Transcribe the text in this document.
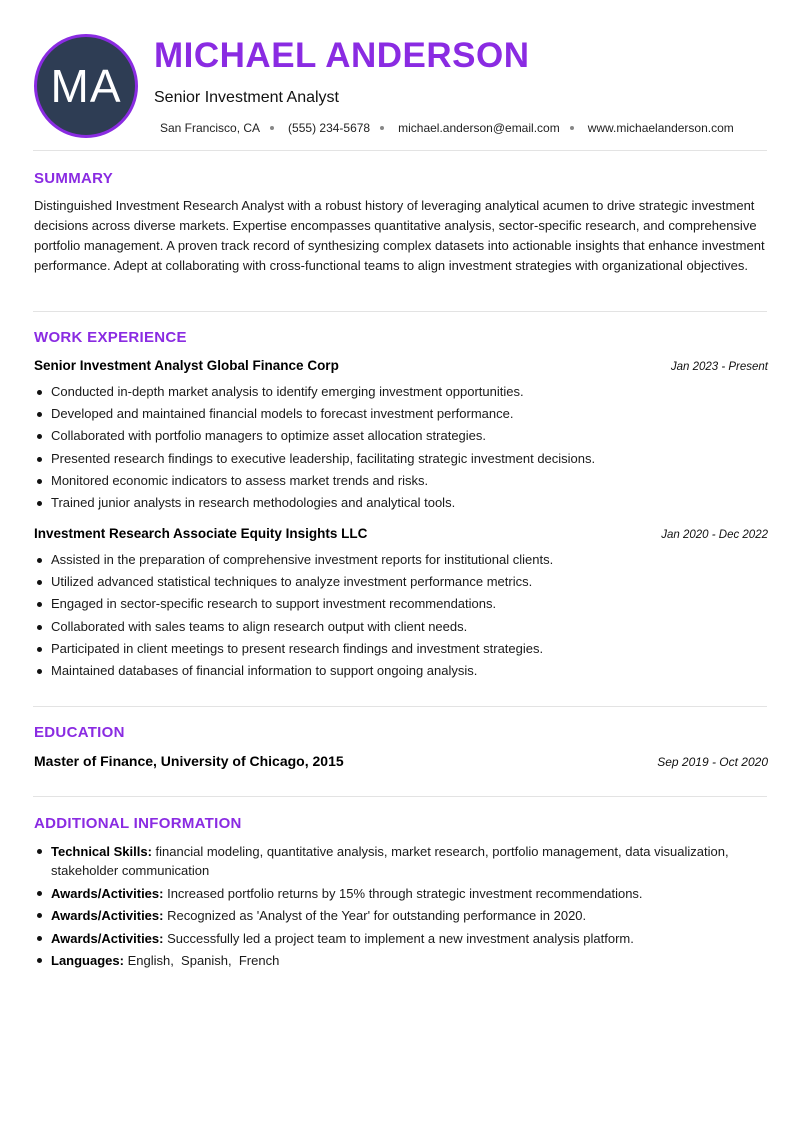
MA
MICHAEL ANDERSON
Senior Investment Analyst
San Francisco, CA (555) 234-5678 michael.anderson@email.com www.michaelanderson.com
SUMMARY

Distinguished Investment Research Analyst with a robust history of leveraging analytical acumen to drive strategic investment decisions across diverse markets. Expertise encompasses quantitative analysis, sector-specific research, and comprehensive portfolio management. A proven track record of synthesizing complex datasets into actionable insights that enhance investment performance. Adept at collaborating with cross-functional teams to align investment strategies with organizational objectives.

WORK EXPERIENCE
Senior Investment Analyst Global Finance Corp	Jan 2023 - Present
Conducted in-depth market analysis to identify emerging investment opportunities.
Developed and maintained financial models to forecast investment performance.
Collaborated with portfolio managers to optimize asset allocation strategies.
Presented research findings to executive leadership, facilitating strategic investment decisions.
Monitored economic indicators to assess market trends and risks.
Trained junior analysts in research methodologies and analytical tools.
Investment Research Associate Equity Insights LLC	Jan 2020 - Dec 2022
Assisted in the preparation of comprehensive investment reports for institutional clients.
Utilized advanced statistical techniques to analyze investment performance metrics.
Engaged in sector-specific research to support investment recommendations.
Collaborated with sales teams to align research output with client needs.
Participated in client meetings to present research findings and investment strategies.
Maintained databases of financial information to support ongoing analysis.
EDUCATION
Master of Finance, University of Chicago, 2015	Sep 2019 - Oct 2020
ADDITIONAL INFORMATION
Technical Skills: financial modeling, quantitative analysis, market research, portfolio management, data visualization, stakeholder communication
Awards/Activities: Increased portfolio returns by 15% through strategic investment recommendations.
Awards/Activities: Recognized as 'Analyst of the Year' for outstanding performance in 2020.
Awards/Activities: Successfully led a project team to implement a new investment analysis platform.
Languages: English,  Spanish,  French
